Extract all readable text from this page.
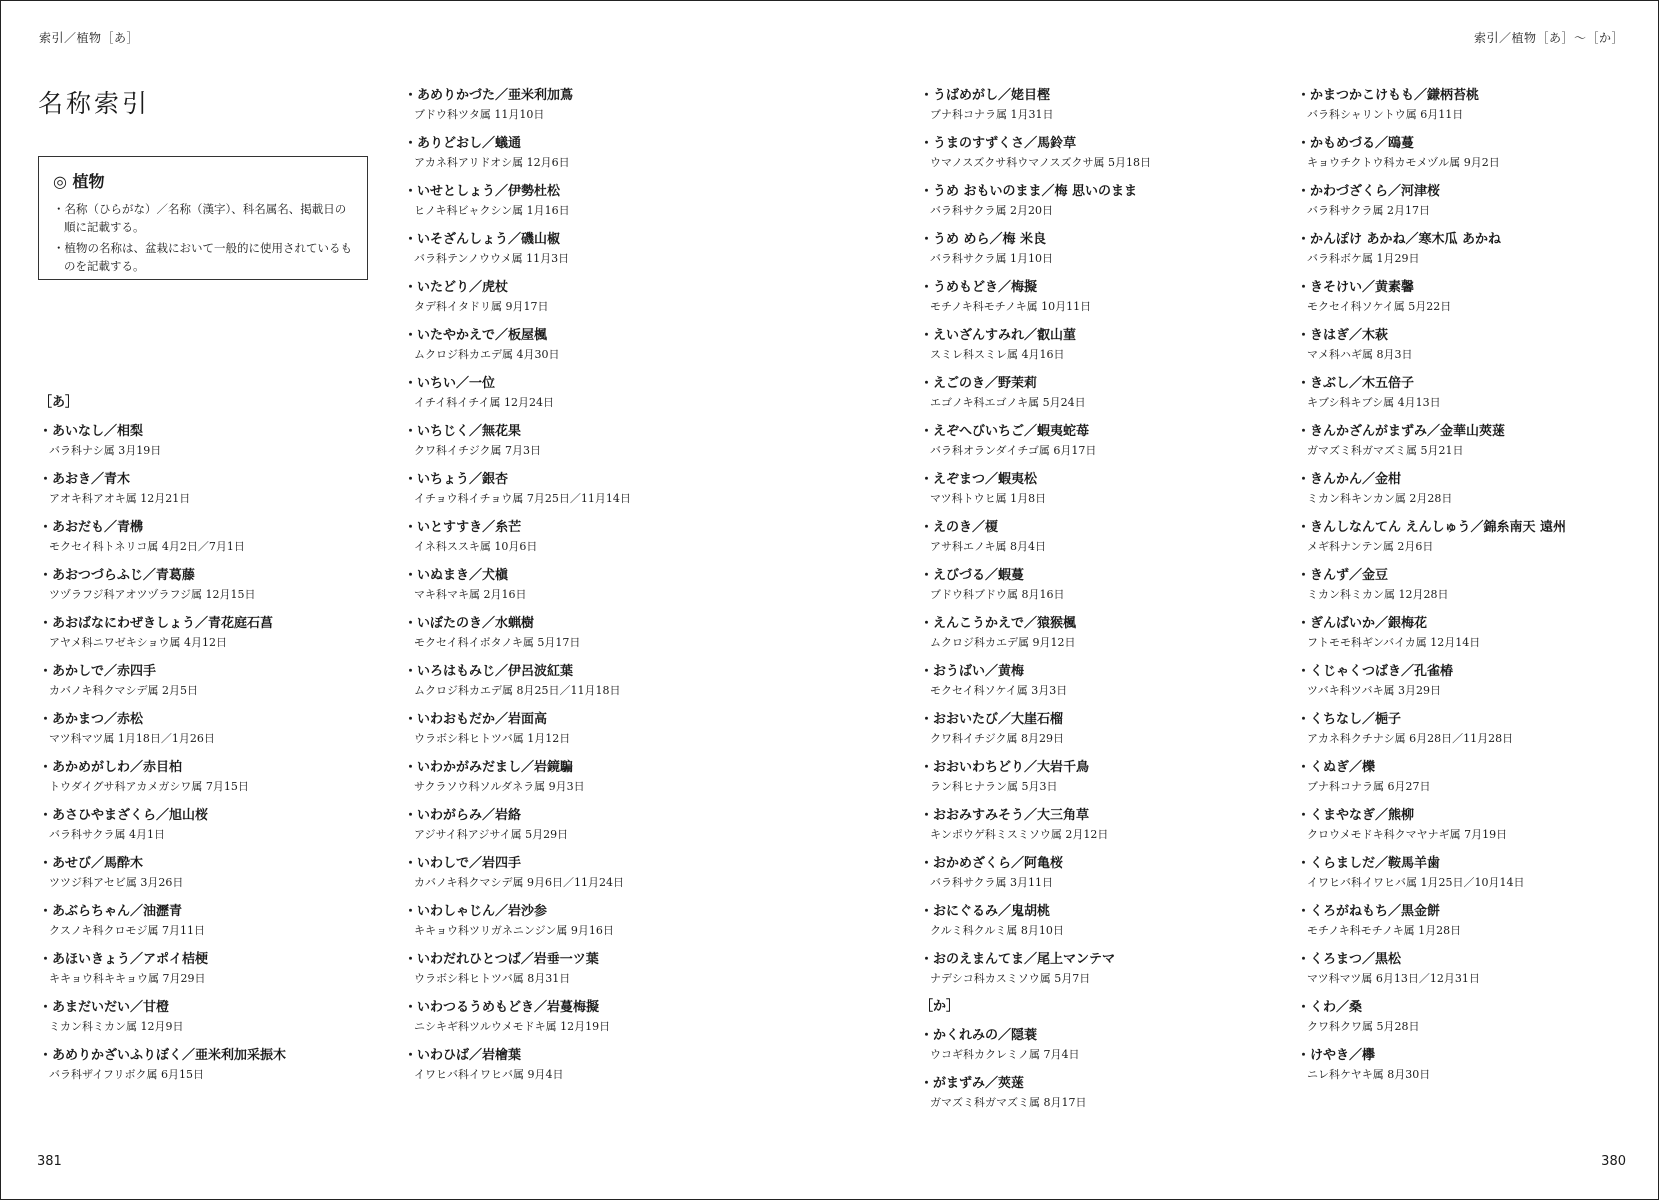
索引／植物［あ］	索引／植物［あ］～［か］
名称索引
◎ 植物
・名称（ひらがな）／名称（漢字）、科名属名、掲載日の順に記載する。
・植物の名称は、盆栽において一般的に使用されているものを記載する。
［あ］
・あいなし／相梨
バラ科ナシ属 3月19日
・あおき／青木
アオキ科アオキ属 12月21日
・あおだも／青梻
モクセイ科トネリコ属 4月2日／7月1日
・あおつづらふじ／青葛藤
ツヅラフジ科アオツヅラフジ属 12月15日
・あおばなにわぜきしょう／青花庭石菖
アヤメ科ニワゼキショウ属 4月12日
・あかしで／赤四手
カバノキ科クマシデ属 2月5日
・あかまつ／赤松
マツ科マツ属 1月18日／1月26日
・あかめがしわ／赤目柏
トウダイグサ科アカメガシワ属 7月15日
・あさひやまざくら／旭山桜
バラ科サクラ属 4月1日
・あせび／馬酔木
ツツジ科アセビ属 3月26日
・あぶらちゃん／油瀝青
クスノキ科クロモジ属 7月11日
・あほいきょう／アポイ桔梗
キキョウ科キキョウ属 7月29日
・あまだいだい／甘橙
ミカン科ミカン属 12月9日
・あめりかざいふりぼく／亜米利加采振木
バラ科ザイフリボク属 6月15日
・あめりかづた／亜米利加蔦
ブドウ科ツタ属 11月10日
・ありどおし／蟻通
アカネ科アリドオシ属 12月6日
・いせとしょう／伊勢杜松
ヒノキ科ビャクシン属 1月16日
・いそざんしょう／磯山椒
バラ科テンノウウメ属 11月3日
・いたどり／虎杖
タデ科イタドリ属 9月17日
・いたやかえで／板屋楓
ムクロジ科カエデ属 4月30日
・いちい／一位
イチイ科イチイ属 12月24日
・いちじく／無花果
クワ科イチジク属 7月3日
・いちょう／銀杏
イチョウ科イチョウ属 7月25日／11月14日
・いとすすき／糸芒
イネ科ススキ属 10月6日
・いぬまき／犬槇
マキ科マキ属 2月16日
・いぼたのき／水蝋樹
モクセイ科イボタノキ属 5月17日
・いろはもみじ／伊呂波紅葉
ムクロジ科カエデ属 8月25日／11月18日
・いわおもだか／岩面高
ウラボシ科ヒトツバ属 1月12日
・いわかがみだまし／岩鏡騙
サクラソウ科ソルダネラ属 9月3日
・いわがらみ／岩絡
アジサイ科アジサイ属 5月29日
・いわしで／岩四手
カバノキ科クマシデ属 9月6日／11月24日
・いわしゃじん／岩沙参
キキョウ科ツリガネニンジン属 9月16日
・いわだれひとつば／岩垂一ツ葉
ウラボシ科ヒトツバ属 8月31日
・いわつるうめもどき／岩蔓梅擬
ニシキギ科ツルウメモドキ属 12月19日
・いわひば／岩檜葉
イワヒバ科イワヒバ属 9月4日
・うばめがし／姥目樫
ブナ科コナラ属 1月31日
・うまのすずくさ／馬鈴草
ウマノスズクサ科ウマノスズクサ属 5月18日
・うめ おもいのまま／梅 思いのまま
バラ科サクラ属 2月20日
・うめ めら／梅 米良
バラ科サクラ属 1月10日
・うめもどき／梅擬
モチノキ科モチノキ属 10月11日
・えいざんすみれ／叡山菫
スミレ科スミレ属 4月16日
・えごのき／野茉莉
エゴノキ科エゴノキ属 5月24日
・えぞへびいちご／蝦夷蛇苺
バラ科オランダイチゴ属 6月17日
・えぞまつ／蝦夷松
マツ科トウヒ属 1月8日
・えのき／榎
アサ科エノキ属 8月4日
・えびづる／蝦蔓
ブドウ科ブドウ属 8月16日
・えんこうかえで／猿猴楓
ムクロジ科カエデ属 9月12日
・おうばい／黄梅
モクセイ科ソケイ属 3月3日
・おおいたび／大崖石榴
クワ科イチジク属 8月29日
・おおいわちどり／大岩千鳥
ラン科ヒナラン属 5月3日
・おおみすみそう／大三角草
キンポウゲ科ミスミソウ属 2月12日
・おかめざくら／阿亀桜
バラ科サクラ属 3月11日
・おにぐるみ／鬼胡桃
クルミ科クルミ属 8月10日
・おのえまんてま／尾上マンテマ
ナデシコ科カスミソウ属 5月7日
［か］
・かくれみの／隠蓑
ウコギ科カクレミノ属 7月4日
・がまずみ／莢蒾
ガマズミ科ガマズミ属 8月17日
・かまつかこけもも／鎌柄苔桃
バラ科シャリントウ属 6月11日
・かもめづる／鴎蔓
キョウチクトウ科カモメヅル属 9月2日
・かわづざくら／河津桜
バラ科サクラ属 2月17日
・かんぽけ あかね／寒木瓜 あかね
バラ科ボケ属 1月29日
・きそけい／黄素馨
モクセイ科ソケイ属 5月22日
・きはぎ／木萩
マメ科ハギ属 8月3日
・きぶし／木五倍子
キブシ科キブシ属 4月13日
・きんかざんがまずみ／金華山莢蒾
ガマズミ科ガマズミ属 5月21日
・きんかん／金柑
ミカン科キンカン属 2月28日
・きんしなんてん えんしゅう／錦糸南天 遠州
メギ科ナンテン属 2月6日
・きんず／金豆
ミカン科ミカン属 12月28日
・ぎんばいか／銀梅花
フトモモ科ギンバイカ属 12月14日
・くじゃくつばき／孔雀椿
ツバキ科ツバキ属 3月29日
・くちなし／梔子
アカネ科クチナシ属 6月28日／11月28日
・くぬぎ／櫟
ブナ科コナラ属 6月27日
・くまやなぎ／熊柳
クロウメモドキ科クマヤナギ属 7月19日
・くらましだ／鞍馬羊歯
イワヒバ科イワヒバ属 1月25日／10月14日
・くろがねもち／黒金餅
モチノキ科モチノキ属 1月28日
・くろまつ／黒松
マツ科マツ属 6月13日／12月31日
・くわ／桑
クワ科クワ属 5月28日
・けやき／欅
ニレ科ケヤキ属 8月30日
381	380
